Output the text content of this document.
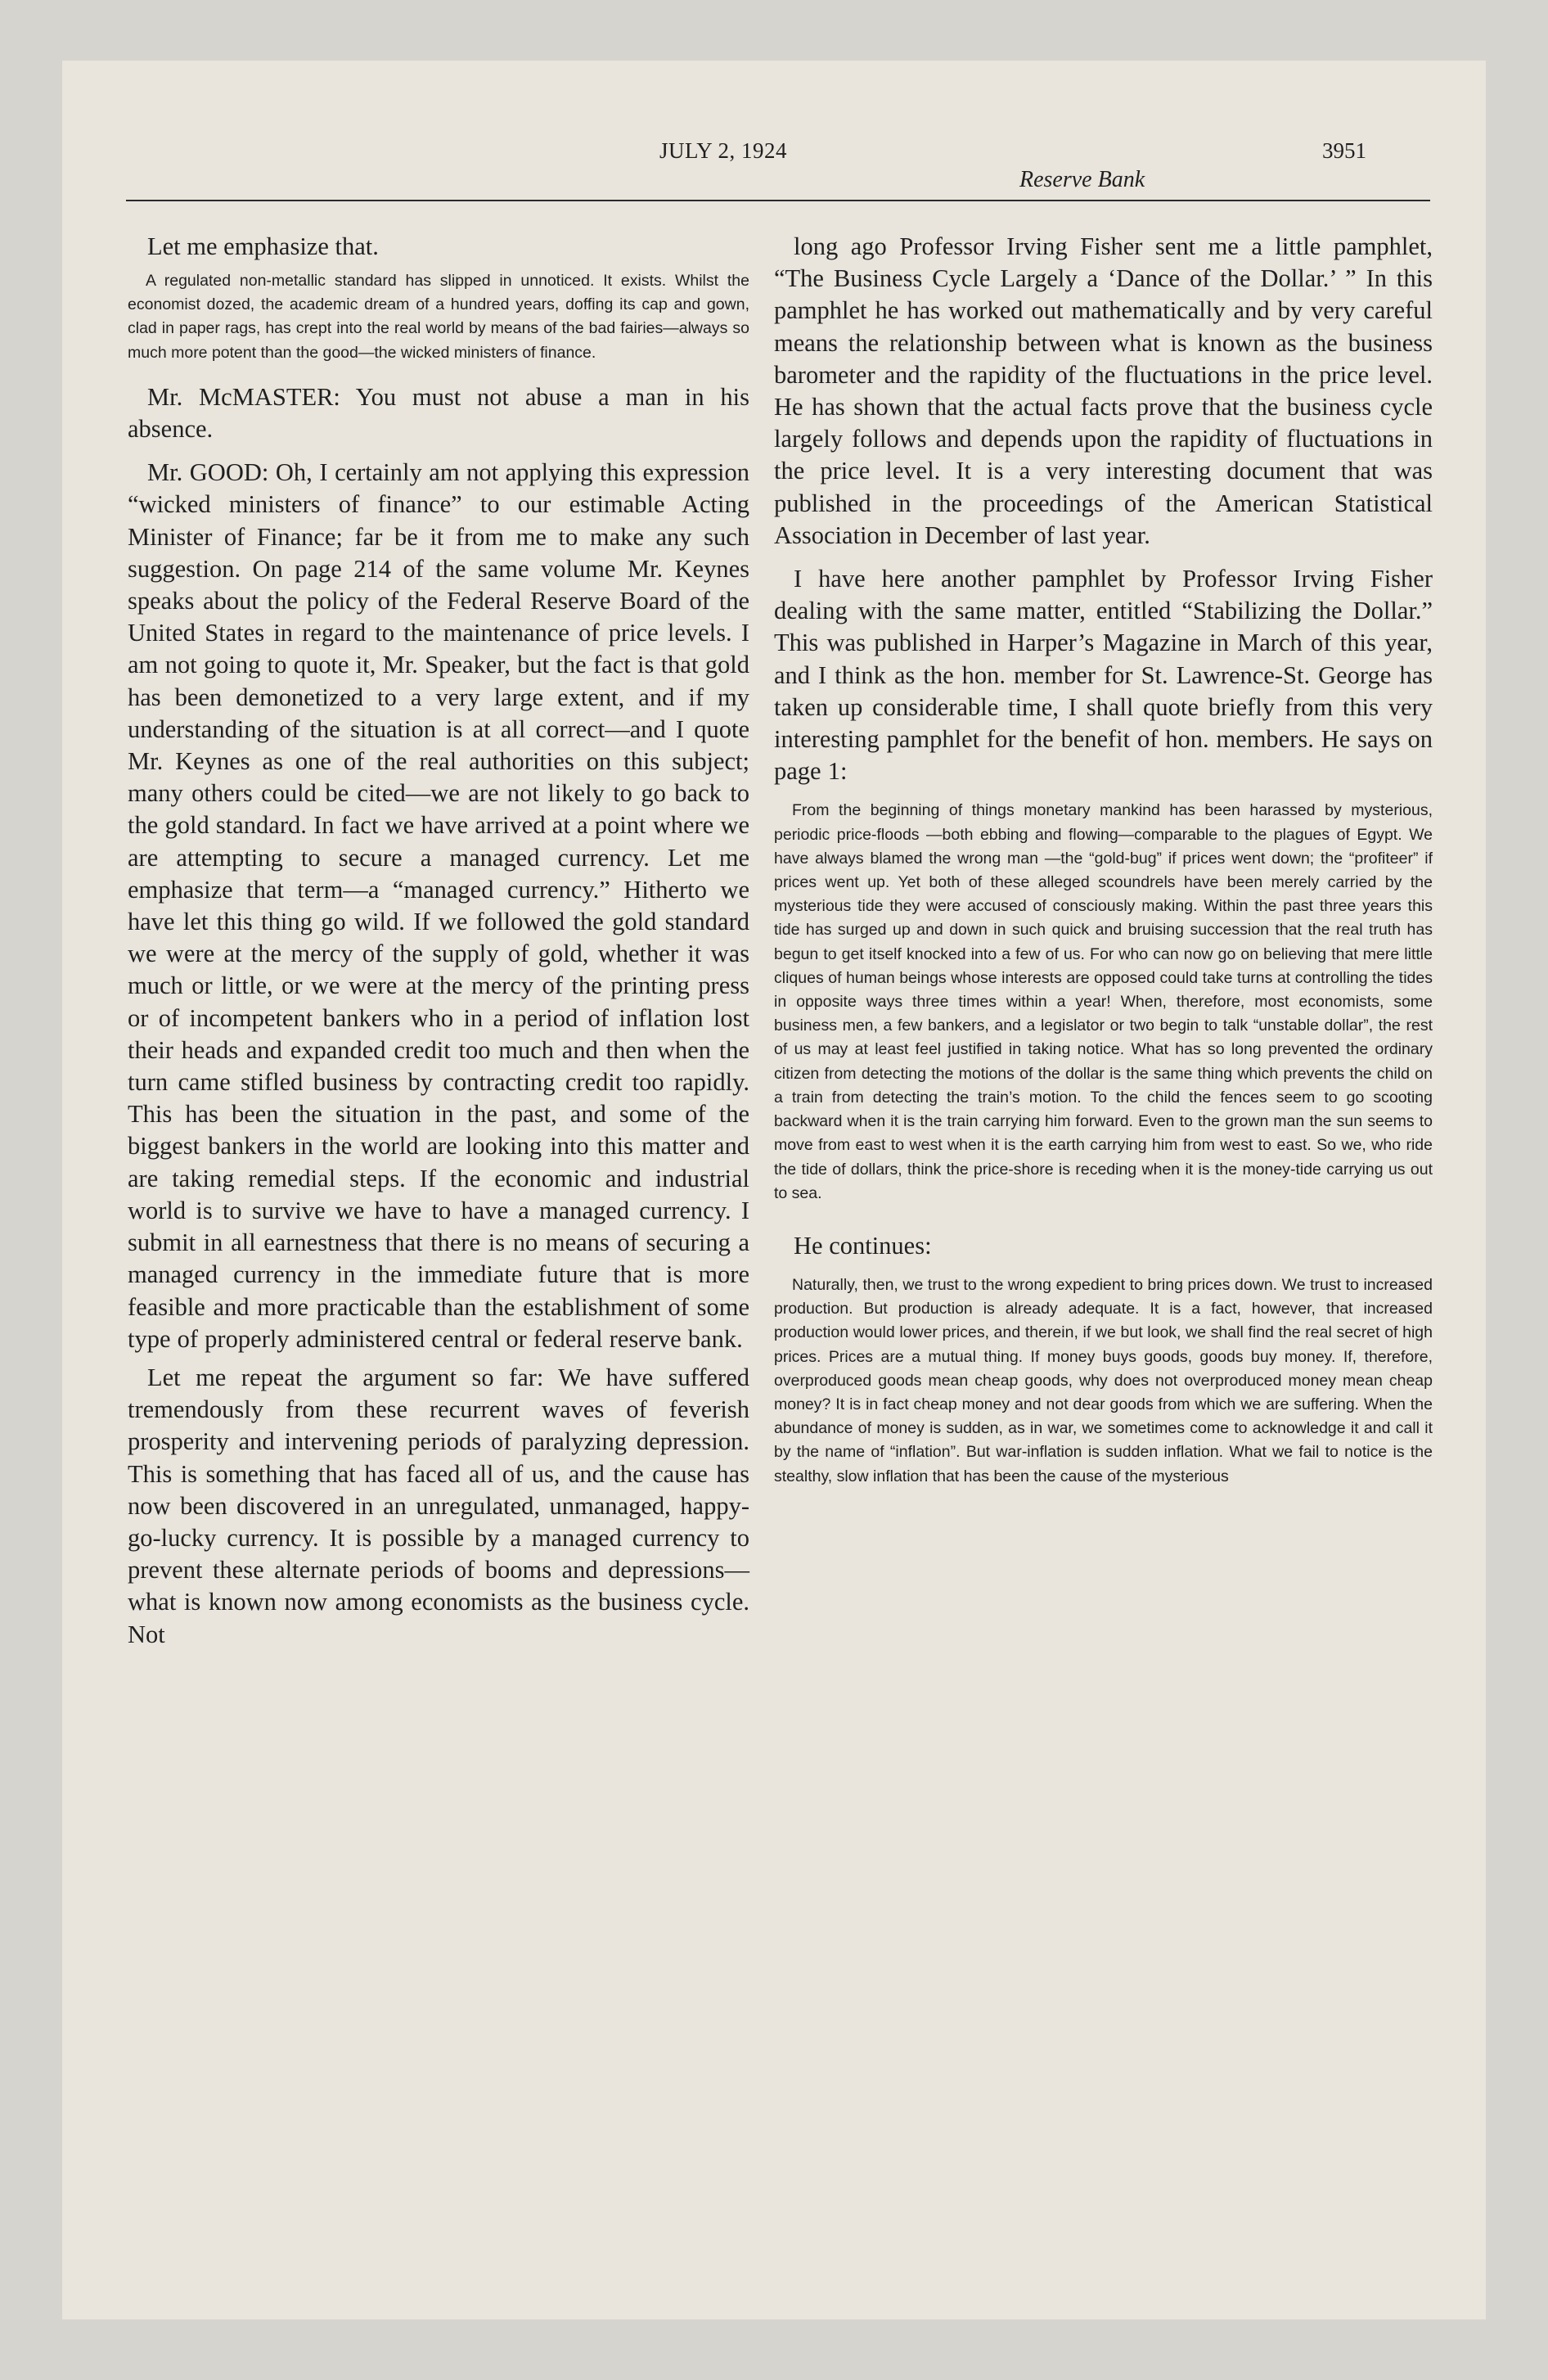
JULY 2, 1924	3951
Reserve Bank

Let me emphasize that.

A regulated non-metallic standard has slipped in unnoticed. It exists. Whilst the economist dozed, the academic dream of a hundred years, doffing its cap and gown, clad in paper rags, has crept into the real world by means of the bad fairies—always so much more potent than the good—the wicked ministers of finance.

Mr. McMASTER: You must not abuse a man in his absence.

Mr. GOOD: Oh, I certainly am not applying this expression “wicked ministers of finance” to our estimable Acting Minister of Finance; far be it from me to make any such suggestion. On page 214 of the same volume Mr. Keynes speaks about the policy of the Federal Reserve Board of the United States in regard to the maintenance of price levels. I am not going to quote it, Mr. Speaker, but the fact is that gold has been demonetized to a very large extent, and if my understanding of the situation is at all correct—and I quote Mr. Keynes as one of the real authorities on this subject; many others could be cited—we are not likely to go back to the gold standard. In fact we have arrived at a point where we are attempting to secure a managed currency. Let me emphasize that term—a “managed currency.” Hitherto we have let this thing go wild. If we followed the gold standard we were at the mercy of the supply of gold, whether it was much or little, or we were at the mercy of the printing press or of incompetent bankers who in a period of inflation lost their heads and expanded credit too much and then when the turn came stifled business by contracting credit too rapidly. This has been the situation in the past, and some of the biggest bankers in the world are looking into this matter and are taking remedial steps. If the economic and industrial world is to survive we have to have a managed currency. I submit in all earnestness that there is no means of securing a managed currency in the immediate future that is more feasible and more practicable than the establishment of some type of properly administered central or federal reserve bank.

Let me repeat the argument so far: We have suffered tremendously from these recurrent waves of feverish prosperity and intervening periods of paralyzing depression. This is something that has faced all of us, and the cause has now been discovered in an unregulated, unmanaged, happy-go-lucky currency. It is possible by a managed currency to prevent these alternate periods of booms and depressions—what is known now among economists as the business cycle. Not

long ago Professor Irving Fisher sent me a little pamphlet, “The Business Cycle Largely a ‘Dance of the Dollar.’ ” In this pamphlet he has worked out mathematically and by very careful means the relationship between what is known as the business barometer and the rapidity of the fluctuations in the price level. He has shown that the actual facts prove that the business cycle largely follows and depends upon the rapidity of fluctuations in the price level. It is a very interesting document that was published in the proceedings of the American Statistical Association in December of last year.

I have here another pamphlet by Professor Irving Fisher dealing with the same matter, entitled “Stabilizing the Dollar.” This was published in Harper’s Magazine in March of this year, and I think as the hon. member for St. Lawrence-St. George has taken up considerable time, I shall quote briefly from this very interesting pamphlet for the benefit of hon. members. He says on page 1:

From the beginning of things monetary mankind has been harassed by mysterious, periodic price-floods —both ebbing and flowing—comparable to the plagues of Egypt. We have always blamed the wrong man —the “gold-bug” if prices went down; the “profiteer” if prices went up. Yet both of these alleged scoundrels have been merely carried by the mysterious tide they were accused of consciously making. Within the past three years this tide has surged up and down in such quick and bruising succession that the real truth has begun to get itself knocked into a few of us. For who can now go on believing that mere little cliques of human beings whose interests are opposed could take turns at controlling the tides in opposite ways three times within a year! When, therefore, most economists, some business men, a few bankers, and a legislator or two begin to talk “unstable dollar”, the rest of us may at least feel justified in taking notice. What has so long prevented the ordinary citizen from detecting the motions of the dollar is the same thing which prevents the child on a train from detecting the train’s motion. To the child the fences seem to go scooting backward when it is the train carrying him forward. Even to the grown man the sun seems to move from east to west when it is the earth carrying him from west to east. So we, who ride the tide of dollars, think the price-shore is receding when it is the money-tide carrying us out to sea.

He continues:

Naturally, then, we trust to the wrong expedient to bring prices down. We trust to increased production. But production is already adequate. It is a fact, however, that increased production would lower prices, and therein, if we but look, we shall find the real secret of high prices. Prices are a mutual thing. If money buys goods, goods buy money. If, therefore, overproduced goods mean cheap goods, why does not overproduced money mean cheap money? It is in fact cheap money and not dear goods from which we are suffering. When the abundance of money is sudden, as in war, we sometimes come to acknowledge it and call it by the name of “inflation”. But war-inflation is sudden inflation. What we fail to notice is the stealthy, slow inflation that has been the cause of the mysterious
